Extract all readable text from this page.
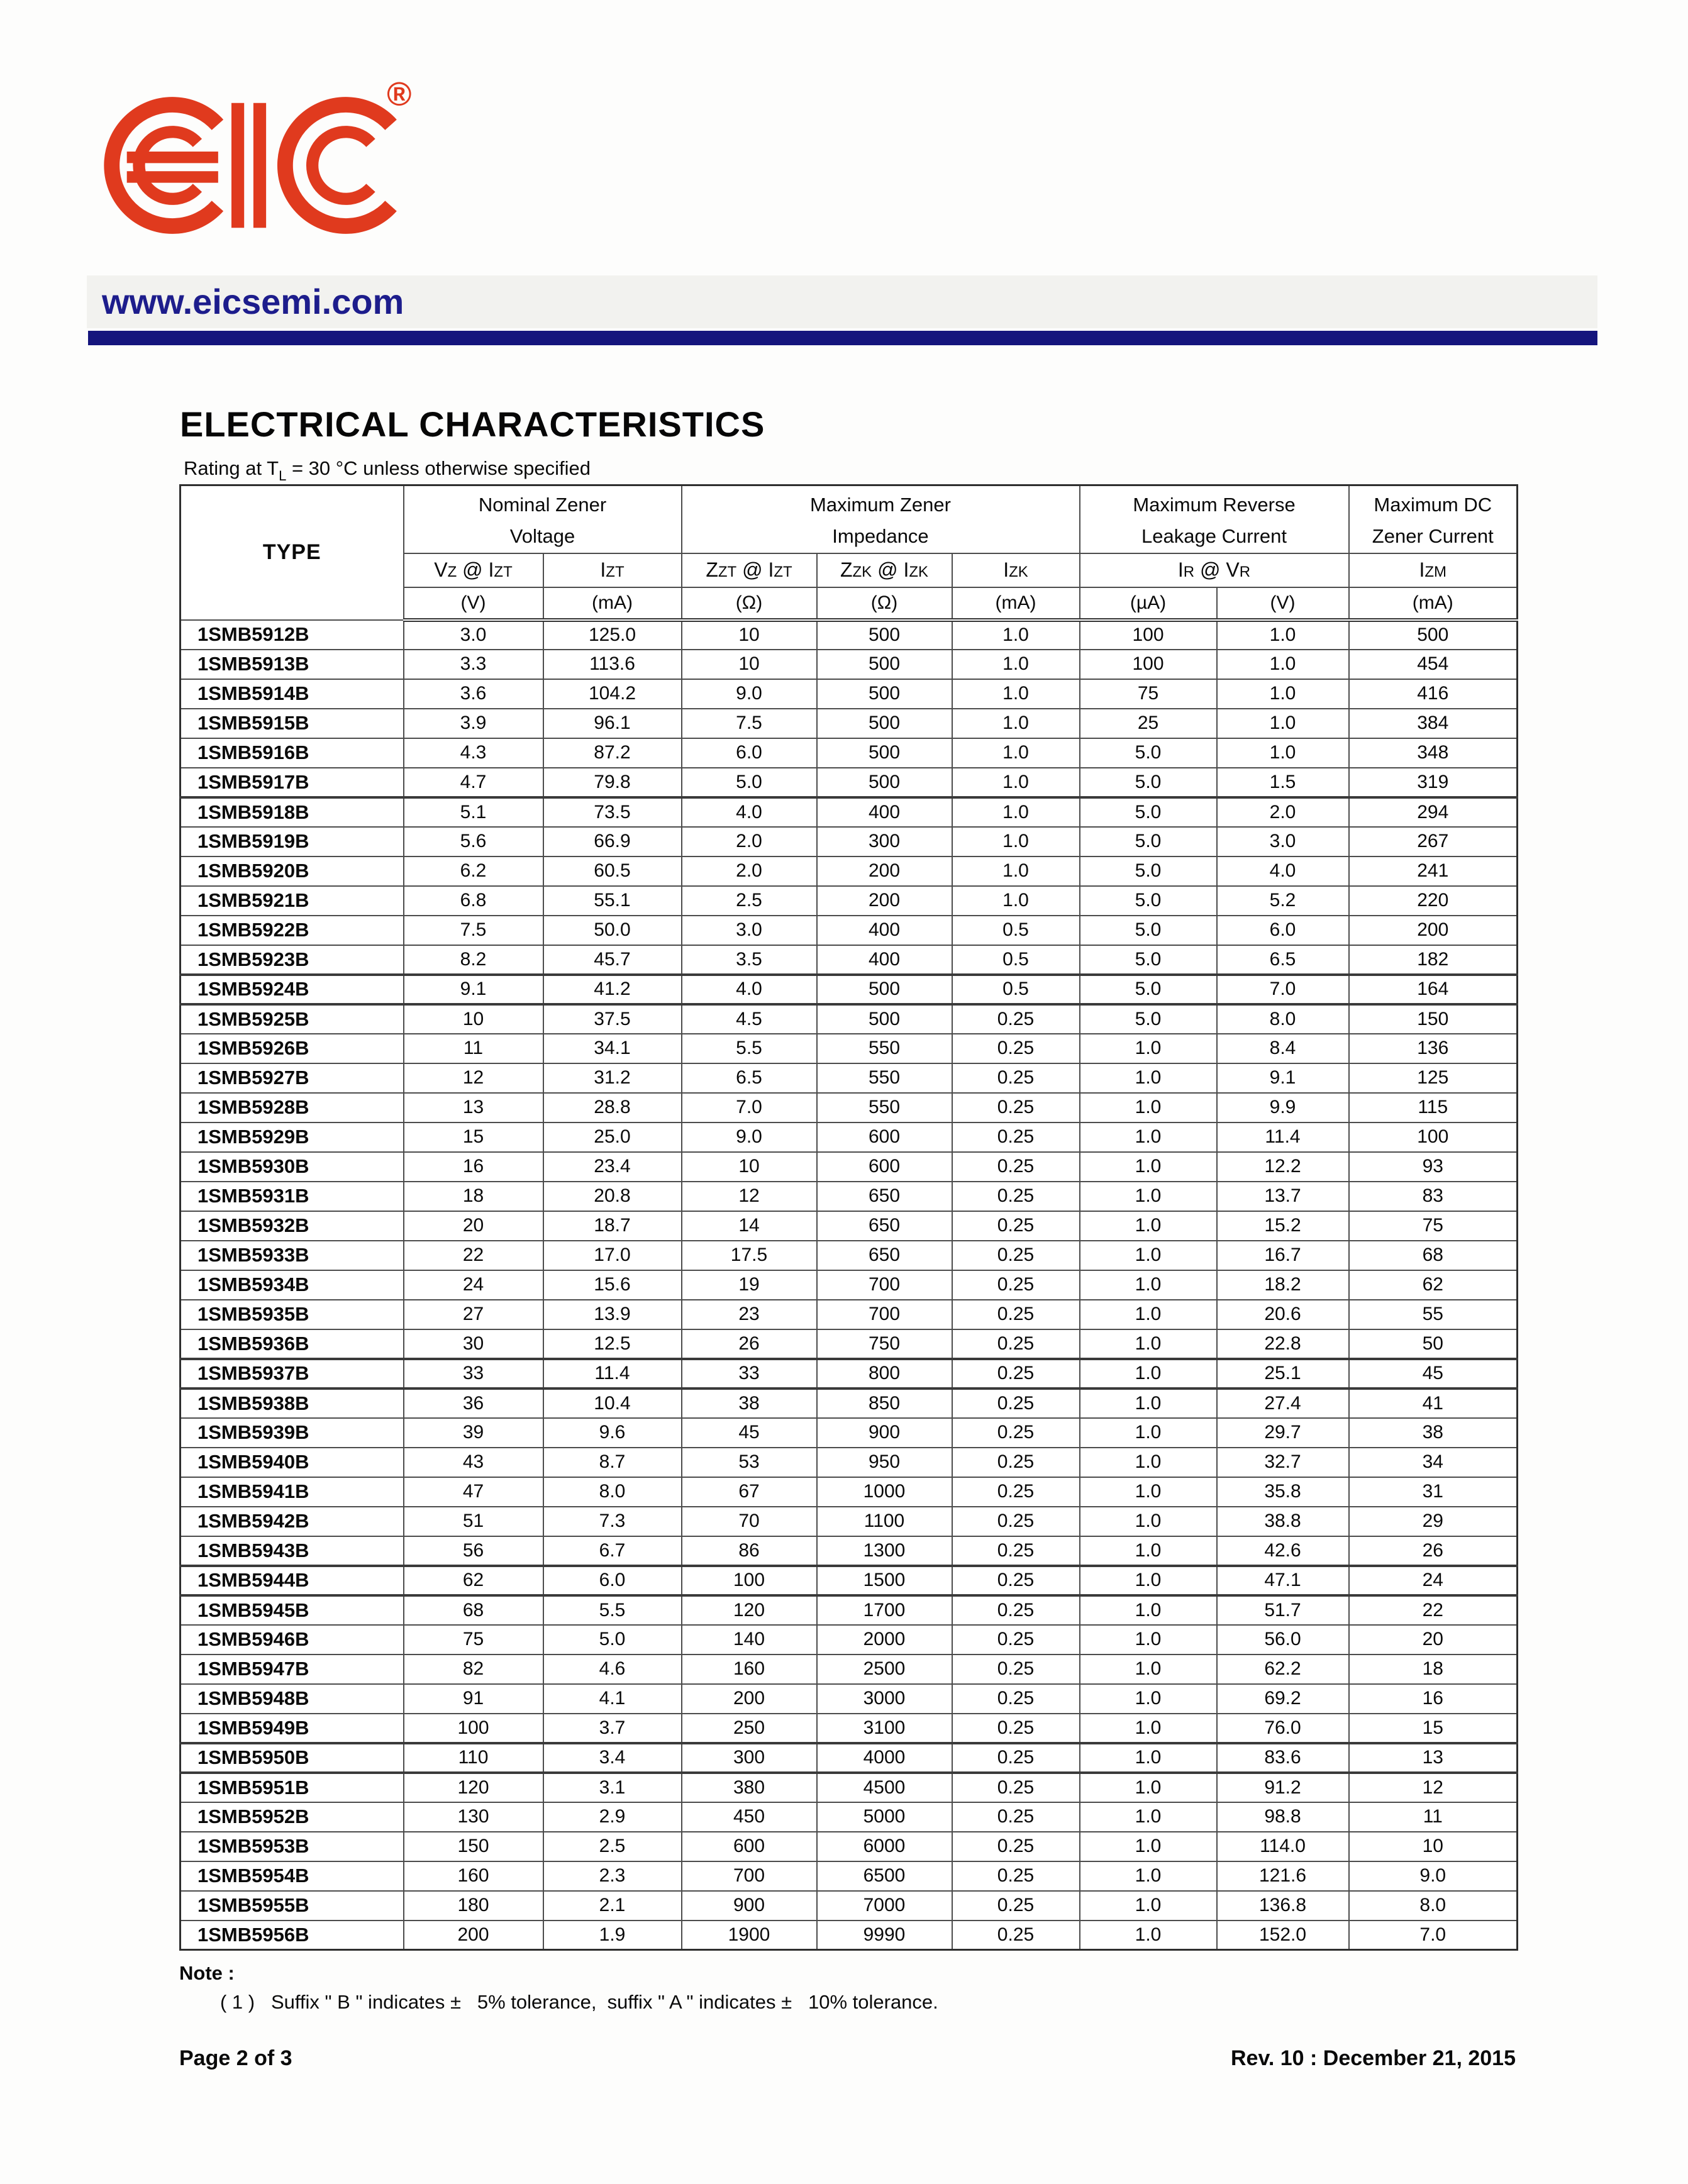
®
www.eicsemi.com
ELECTRICAL CHARACTERISTICS
Rating at $T_L = 30$ °C unless otherwise specified
TYPE	
Nominal Zener
Voltage

Maximum Zener
Impedance

Maximum Reverse
Leakage Current

Maximum DC
Zener Current

	VZ @ IZT	IZT	ZZT @ IZT	ZZK @ IZK	IZK	IR @ VR		IZM
	(V)	(mA)	(Ω)	(Ω)	(mA)	(µA)	(V)	(mA)
1SMB5912B	3.0	125.0	10	500	1.0	100	1.0	500
1SMB5913B	3.3	113.6	10	500	1.0	100	1.0	454
1SMB5914B	3.6	104.2	9.0	500	1.0	75	1.0	416
1SMB5915B	3.9	96.1	7.5	500	1.0	25	1.0	384
1SMB5916B	4.3	87.2	6.0	500	1.0	5.0	1.0	348
1SMB5917B	4.7	79.8	5.0	500	1.0	5.0	1.5	319
1SMB5918B	5.1	73.5	4.0	400	1.0	5.0	2.0	294
1SMB5919B	5.6	66.9	2.0	300	1.0	5.0	3.0	267
1SMB5920B	6.2	60.5	2.0	200	1.0	5.0	4.0	241
1SMB5921B	6.8	55.1	2.5	200	1.0	5.0	5.2	220
1SMB5922B	7.5	50.0	3.0	400	0.5	5.0	6.0	200
1SMB5923B	8.2	45.7	3.5	400	0.5	5.0	6.5	182
1SMB5924B	9.1	41.2	4.0	500	0.5	5.0	7.0	164
1SMB5925B	10	37.5	4.5	500	0.25	5.0	8.0	150
1SMB5926B	11	34.1	5.5	550	0.25	1.0	8.4	136
1SMB5927B	12	31.2	6.5	550	0.25	1.0	9.1	125
1SMB5928B	13	28.8	7.0	550	0.25	1.0	9.9	115
1SMB5929B	15	25.0	9.0	600	0.25	1.0	11.4	100
1SMB5930B	16	23.4	10	600	0.25	1.0	12.2	93
1SMB5931B	18	20.8	12	650	0.25	1.0	13.7	83
1SMB5932B	20	18.7	14	650	0.25	1.0	15.2	75
1SMB5933B	22	17.0	17.5	650	0.25	1.0	16.7	68
1SMB5934B	24	15.6	19	700	0.25	1.0	18.2	62
1SMB5935B	27	13.9	23	700	0.25	1.0	20.6	55
1SMB5936B	30	12.5	26	750	0.25	1.0	22.8	50
1SMB5937B	33	11.4	33	800	0.25	1.0	25.1	45
1SMB5938B	36	10.4	38	850	0.25	1.0	27.4	41
1SMB5939B	39	9.6	45	900	0.25	1.0	29.7	38
1SMB5940B	43	8.7	53	950	0.25	1.0	32.7	34
1SMB5941B	47	8.0	67	1000	0.25	1.0	35.8	31
1SMB5942B	51	7.3	70	1100	0.25	1.0	38.8	29
1SMB5943B	56	6.7	86	1300	0.25	1.0	42.6	26
1SMB5944B	62	6.0	100	1500	0.25	1.0	47.1	24
1SMB5945B	68	5.5	120	1700	0.25	1.0	51.7	22
1SMB5946B	75	5.0	140	2000	0.25	1.0	56.0	20
1SMB5947B	82	4.6	160	2500	0.25	1.0	62.2	18
1SMB5948B	91	4.1	200	3000	0.25	1.0	69.2	16
1SMB5949B	100	3.7	250	3100	0.25	1.0	76.0	15
1SMB5950B	110	3.4	300	4000	0.25	1.0	83.6	13
1SMB5951B	120	3.1	380	4500	0.25	1.0	91.2	12
1SMB5952B	130	2.9	450	5000	0.25	1.0	98.8	11
1SMB5953B	150	2.5	600	6000	0.25	1.0	114.0	10
1SMB5954B	160	2.3	700	6500	0.25	1.0	121.6	9.0
1SMB5955B	180	2.1	900	7000	0.25	1.0	136.8	8.0
1SMB5956B	200	1.9	1900	9990	0.25	1.0	152.0	7.0
Note :
( 1 )   Suffix " B " indicates ±   5% tolerance,  suffix " A " indicates ±   10% tolerance.
Page 2 of 3	Rev. 10 : December 21, 2015
